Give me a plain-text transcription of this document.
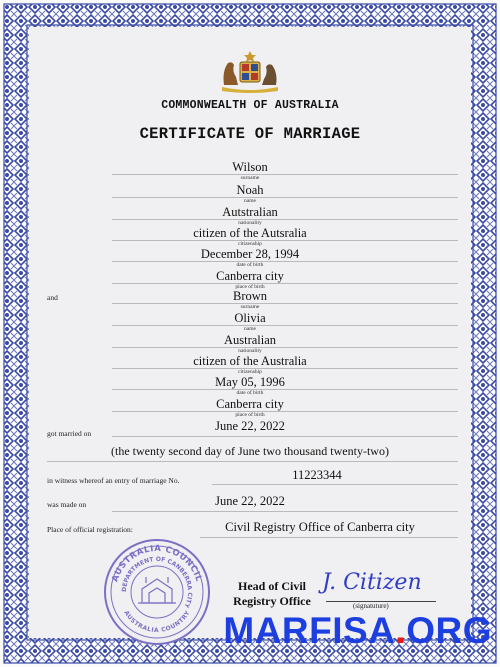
COMMONWEALTH OF AUSTRALIA
CERTIFICATE OF MARRIAGE
Wilson
surname
Noah
name
Autstralian
nationality
citizen of the Autsralia
citizenship
December 28, 1994
date of birth
Canberra city
place of birth
and	Brown
surname
Olivia
name
Australian
nationality
citizen of the Australia
citizenship
May 05, 1996
date of birth
Canberra city
place of birth
got married on
June 22, 2022
(the twenty second day of June two thousand twenty-two)
in witness whereof an entry of marriage No.	11223344
was made on	June 22, 2022
Place of official registration:	Civil Registry Office of Canberra city
AUSTRALIA COUNCIL
DEPARTMENT OF CANBERRA CITY
AUSTRALIA COUNTRY
Head of Civil
Registry Office
J. Citizen
(signatuture)
MARFISA.ORG
